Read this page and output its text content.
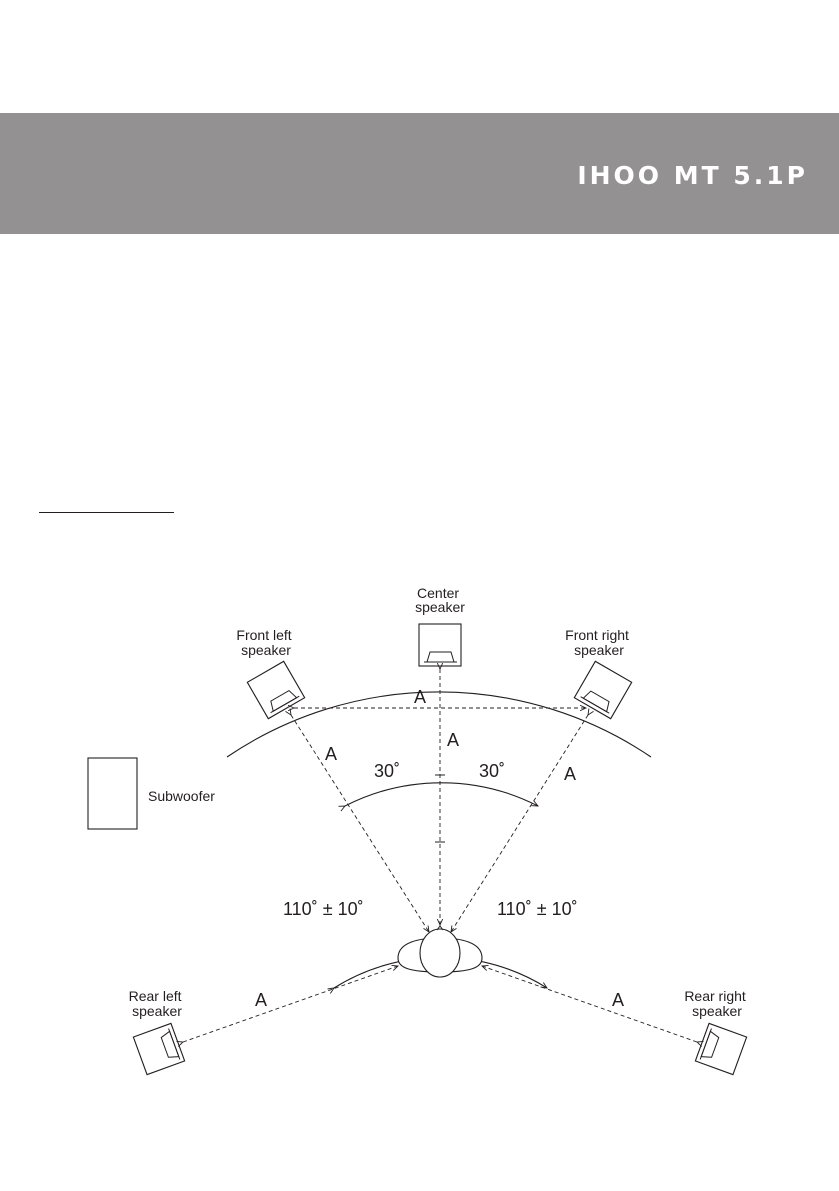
IHOO MT 5.1P
Center speaker
Front left speaker
Front right speaker
Rear left speaker
Rear right speaker
Subwoofer
A
A
A
A
A	A
30˚	30˚
110˚ ± 10˚	110˚ ± 10˚
